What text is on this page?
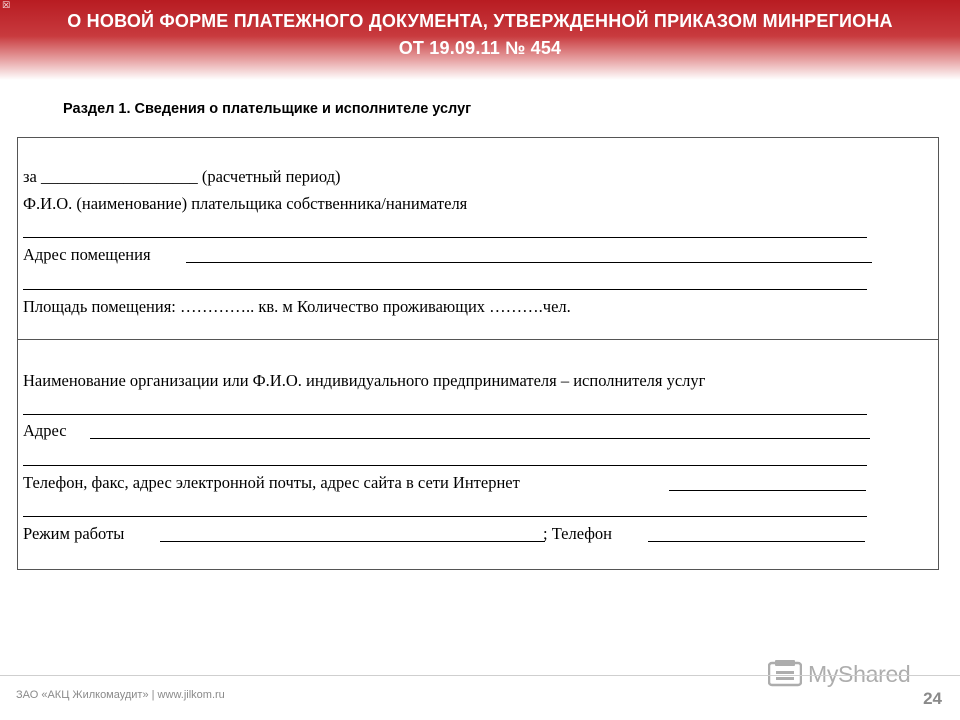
☒
О НОВОЙ ФОРМЕ ПЛАТЕЖНОГО ДОКУМЕНТА, УТВЕРЖДЕННОЙ ПРИКАЗОМ МИНРЕГИОНА ОТ 19.09.11 № 454
Раздел 1. Сведения о плательщике и исполнителе услуг
за ___________________ (расчетный период)
Ф.И.О. (наименование) плательщика собственника/нанимателя
Адрес помещения
Площадь помещения: ………….. кв. м Количество проживающих ……….чел.
Наименование организации или Ф.И.О. индивидуального предпринимателя – исполнителя услуг
Адрес
Телефон, факс, адрес электронной почты, адрес сайта в сети Интернет
Режим работы	; Телефон
MyShared
ЗАО «АКЦ Жилкомаудит» | www.jilkom.ru	24
